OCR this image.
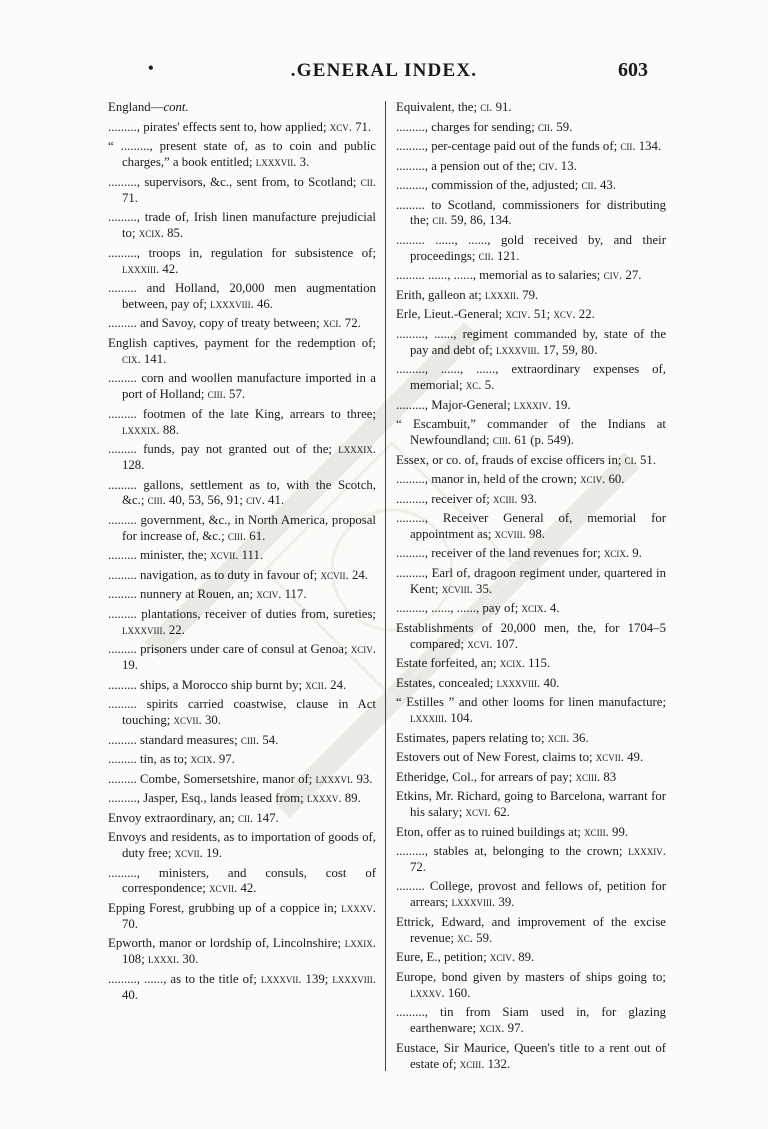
•	.GENERAL INDEX.	603
England—cont.
........., pirates' effects sent to, how applied; xcv. 71.
“ ........., present state of, as to coin and public charges,” a book entitled; lxxxvii. 3.
........., supervisors, &c., sent from, to Scotland; cii. 71.
........., trade of, Irish linen manufacture prejudicial to; xcix. 85.
........., troops in, regulation for subsistence of; lxxxiii. 42.
......... and Holland, 20,000 men augmentation between, pay of; lxxxviii. 46.
......... and Savoy, copy of treaty between; xci. 72.
English captives, payment for the redemption of; cix. 141.
......... corn and woollen manufacture imported in a port of Holland; ciii. 57.
......... footmen of the late King, arrears to three; lxxxix. 88.
......... funds, pay not granted out of the; lxxxix. 128.
......... gallons, settlement as to, with the Scotch, &c.; ciii. 40, 53, 56, 91; civ. 41.
......... government, &c., in North America, proposal for increase of, &c.; ciii. 61.
......... minister, the; xcvii. 111.
......... navigation, as to duty in favour of; xcvii. 24.
......... nunnery at Rouen, an; xciv. 117.
......... plantations, receiver of duties from, sureties; lxxxviii. 22.
......... prisoners under care of consul at Genoa; xciv. 19.
......... ships, a Morocco ship burnt by; xcii. 24.
......... spirits carried coastwise, clause in Act touching; xcvii. 30.
......... standard measures; ciii. 54.
......... tin, as to; xcix. 97.
......... Combe, Somersetshire, manor of; lxxxvi. 93.
........., Jasper, Esq., lands leased from; lxxxv. 89.
Envoy extraordinary, an; cii. 147.
Envoys and residents, as to importation of goods of, duty free; xcvii. 19.
........., ministers, and consuls, cost of correspondence; xcvii. 42.
Epping Forest, grubbing up of a coppice in; lxxxv. 70.
Epworth, manor or lordship of, Lincolnshire; lxxix. 108; lxxxi. 30.
........., ......, as to the title of; lxxxvii. 139; lxxxviii. 40.
Equivalent, the; ci. 91.
........., charges for sending; cii. 59.
........., per-centage paid out of the funds of; cii. 134.
........., a pension out of the; civ. 13.
........., commission of the, adjusted; cii. 43.
......... to Scotland, commissioners for distributing the; cii. 59, 86, 134.
......... ......, ......, gold received by, and their proceedings; cii. 121.
......... ......, ......, memorial as to salaries; civ. 27.
Erith, galleon at; lxxxii. 79.
Erle, Lieut.-General; xciv. 51; xcv. 22.
........., ......, regiment commanded by, state of the pay and debt of; lxxxviii. 17, 59, 80.
........., ......, ......, extraordinary expenses of, memorial; xc. 5.
........., Major-General; lxxxiv. 19.
“ Escambuit,” commander of the Indians at Newfoundland; ciii. 61 (p. 549).
Essex, or co. of, frauds of excise officers in; ci. 51.
........., manor in, held of the crown; xciv. 60.
........., receiver of; xciii. 93.
........., Receiver General of, memorial for appointment as; xcviii. 98.
........., receiver of the land revenues for; xcix. 9.
........., Earl of, dragoon regiment under, quartered in Kent; xcviii. 35.
........., ......, ......, pay of; xcix. 4.
Establishments of 20,000 men, the, for 1704–5 compared; xcvi. 107.
Estate forfeited, an; xcix. 115.
Estates, concealed; lxxxviii. 40.
“ Estilles ” and other looms for linen manufacture; lxxxiii. 104.
Estimates, papers relating to; xcii. 36.
Estovers out of New Forest, claims to; xcvii. 49.
Etheridge, Col., for arrears of pay; xciii. 83
Etkins, Mr. Richard, going to Barcelona, warrant for his salary; xcvi. 62.
Eton, offer as to ruined buildings at; xciii. 99.
........., stables at, belonging to the crown; lxxxiv. 72.
......... College, provost and fellows of, petition for arrears; lxxxviii. 39.
Ettrick, Edward, and improvement of the excise revenue; xc. 59.
Eure, E., petition; xciv. 89.
Europe, bond given by masters of ships going to; lxxxv. 160.
........., tin from Siam used in, for glazing earthenware; xcix. 97.
Eustace, Sir Maurice, Queen's title to a rent out of estate of; xciii. 132.
